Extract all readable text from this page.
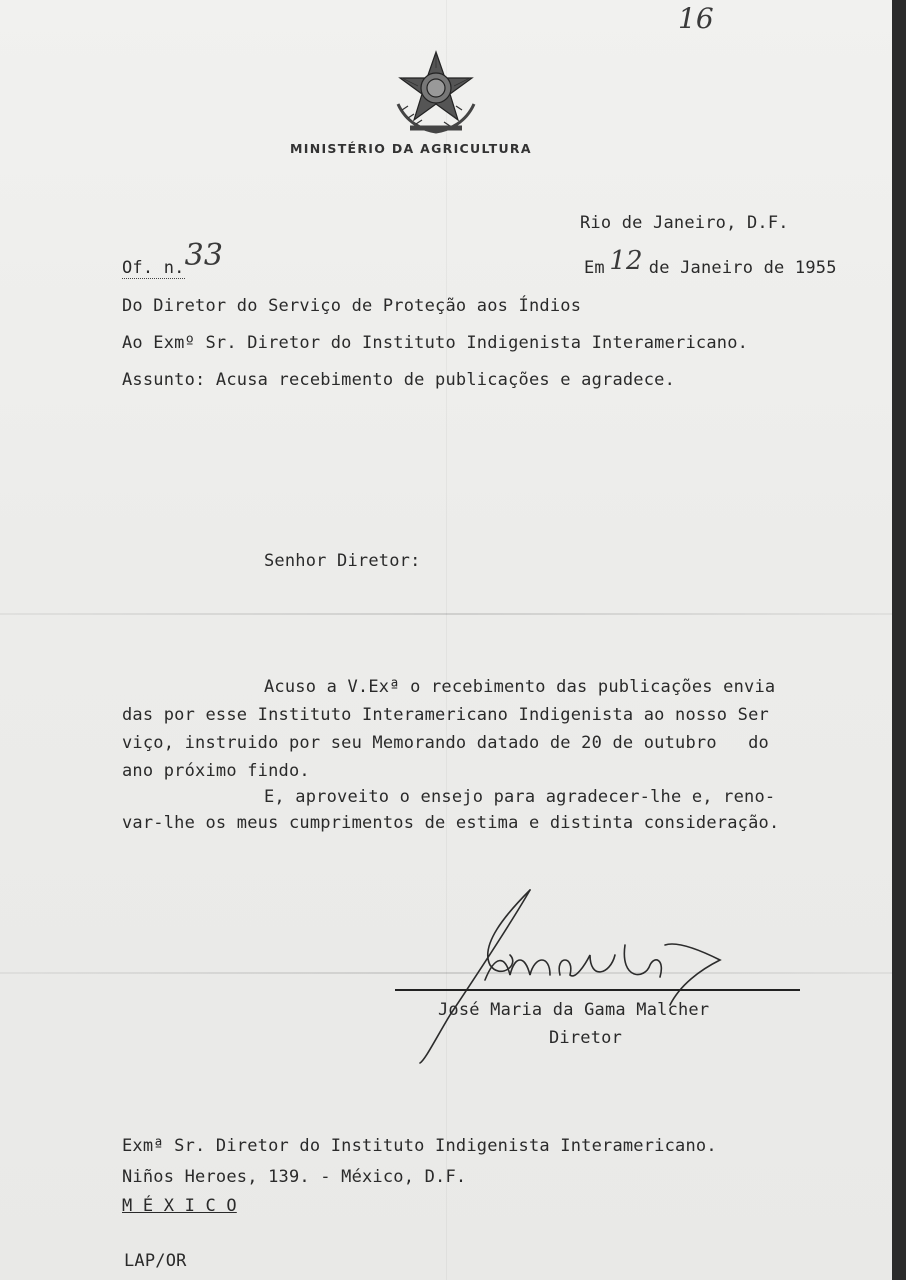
16
MINISTÉRIO DA AGRICULTURA
Rio de Janeiro, D.F.
Em 12 de Janeiro de 1955
Of. n.33
Do Diretor do Serviço de Proteção aos Índios
Ao Exmº Sr. Diretor do Instituto Indigenista Interamericano.
Assunto: Acusa recebimento de publicações e agradece.
Senhor Diretor:
Acuso a V.Exª o recebimento das publicações envia
das por esse Instituto Interamericano Indigenista ao nosso Ser
viço, instruido por seu Memorando datado de 20 de outubro   do
ano próximo findo.
E, aproveito o ensejo para agradecer-lhe e, reno-
var-lhe os meus cumprimentos de estima e distinta consideração.
José Maria da Gama Malcher
Diretor
Exmª Sr. Diretor do Instituto Indigenista Interamericano.
Niños Heroes, 139. - México, D.F.
M É X I C O
LAP/OR
